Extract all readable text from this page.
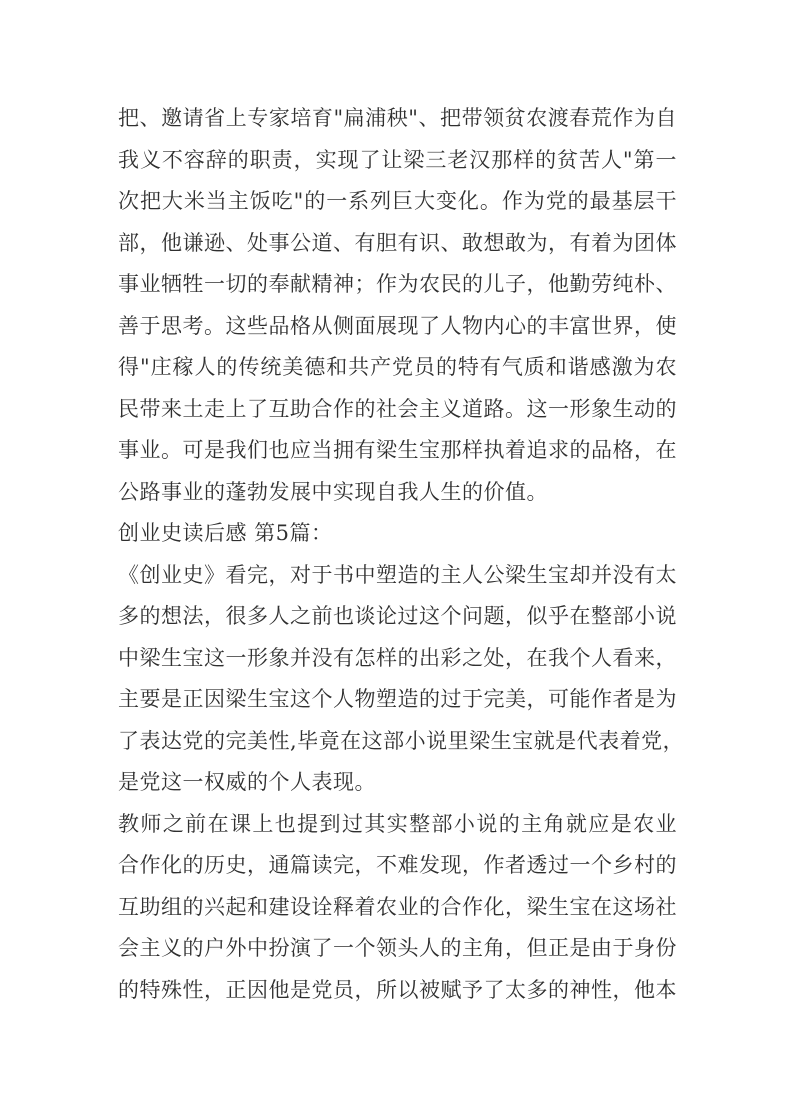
把、邀请省上专家培育"扁浦秧"、把带领贫农渡春荒作为自
我义不容辞的职责，实现了让梁三老汉那样的贫苦人"第一
次把大米当主饭吃"的一系列巨大变化。作为党的最基层干
部，他谦逊、处事公道、有胆有识、敢想敢为，有着为团体
事业牺牲一切的奉献精神；作为农民的儿子，他勤劳纯朴、
善于思考。这些品格从侧面展现了人物内心的丰富世界，使
得"庄稼人的传统美德和共产党员的特有气质和谐感激为农
民带来土走上了互助合作的社会主义道路。这一形象生动的
事业。可是我们也应当拥有梁生宝那样执着追求的品格，在
公路事业的蓬勃发展中实现自我人生的价值。
创业史读后感 第5篇：
《创业史》看完，对于书中塑造的主人公梁生宝却并没有太
多的想法，很多人之前也谈论过这个问题，似乎在整部小说
中梁生宝这一形象并没有怎样的出彩之处，在我个人看来，
主要是正因梁生宝这个人物塑造的过于完美，可能作者是为
了表达党的完美性,毕竟在这部小说里梁生宝就是代表着党，
是党这一权威的个人表现。
教师之前在课上也提到过其实整部小说的主角就应是农业
合作化的历史，通篇读完，不难发现，作者透过一个乡村的
互助组的兴起和建设诠释着农业的合作化，梁生宝在这场社
会主义的户外中扮演了一个领头人的主角，但正是由于身份
的特殊性，正因他是党员，所以被赋予了太多的神性，他本
